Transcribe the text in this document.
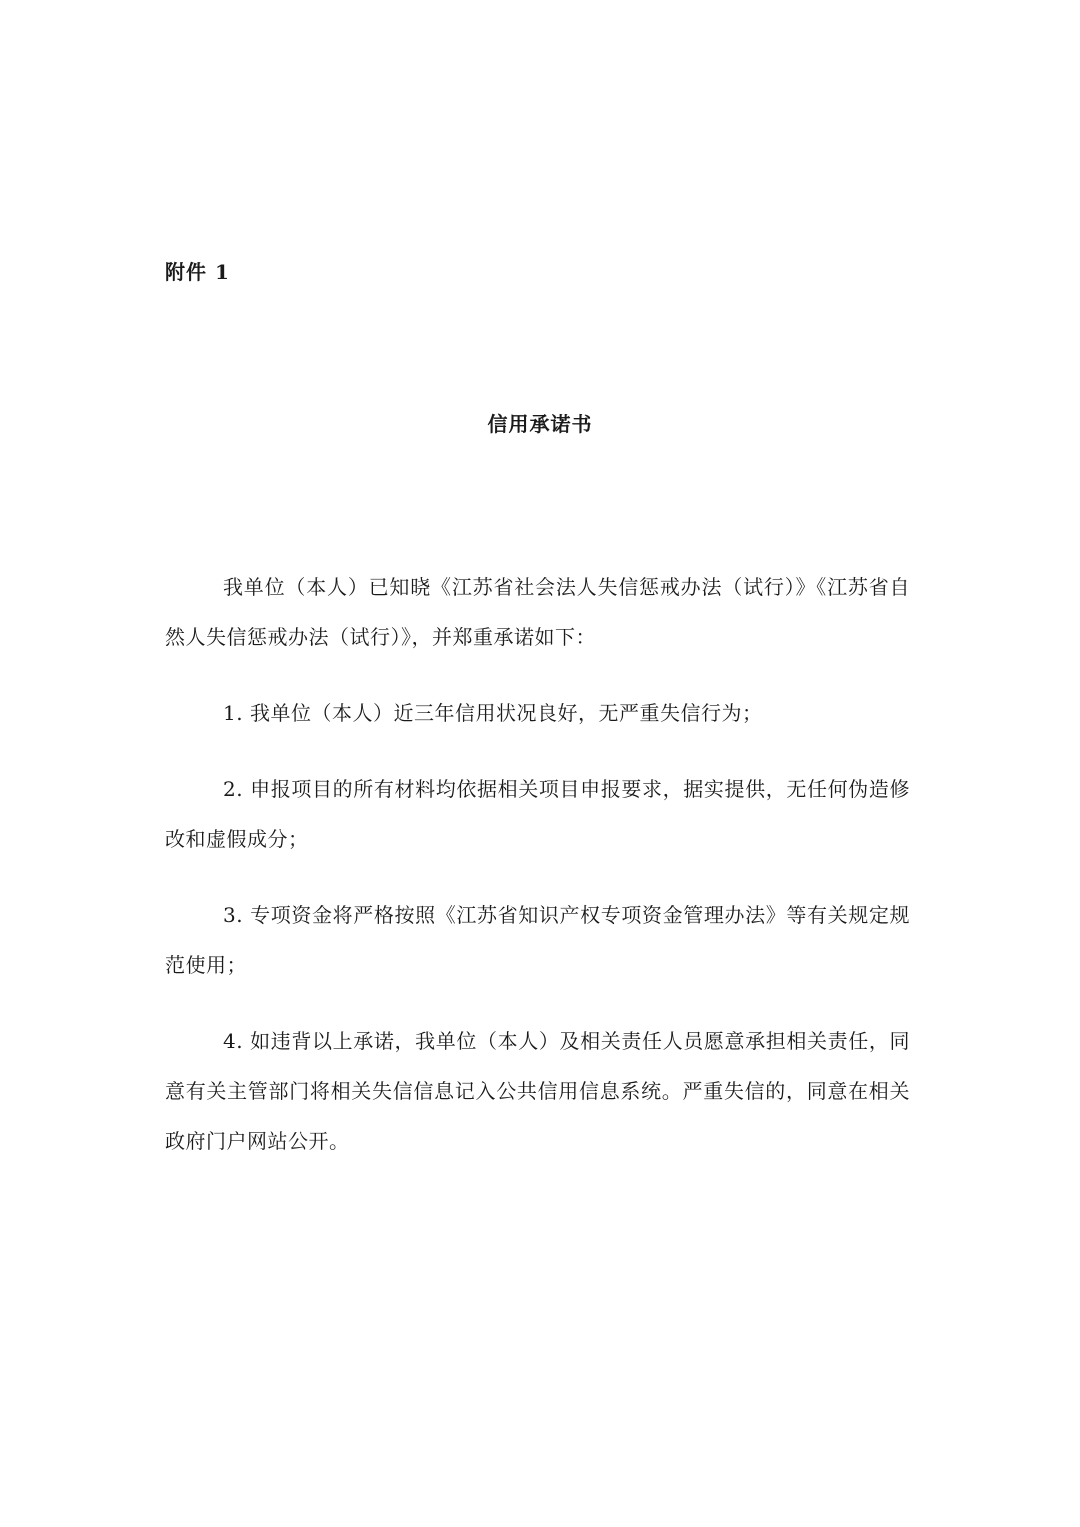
附件 1
信用承诺书

我单位（本人）已知晓《江苏省社会法人失信惩戒办法（试行）》《江苏省自然人失信惩戒办法（试行）》，并郑重承诺如下：

1. 我单位（本人）近三年信用状况良好，无严重失信行为；

2. 申报项目的所有材料均依据相关项目申报要求，据实提供，无任何伪造修改和虚假成分；

3. 专项资金将严格按照《江苏省知识产权专项资金管理办法》等有关规定规范使用；

4. 如违背以上承诺，我单位（本人）及相关责任人员愿意承担相关责任，同意有关主管部门将相关失信信息记入公共信用信息系统。严重失信的，同意在相关政府门户网站公开。
